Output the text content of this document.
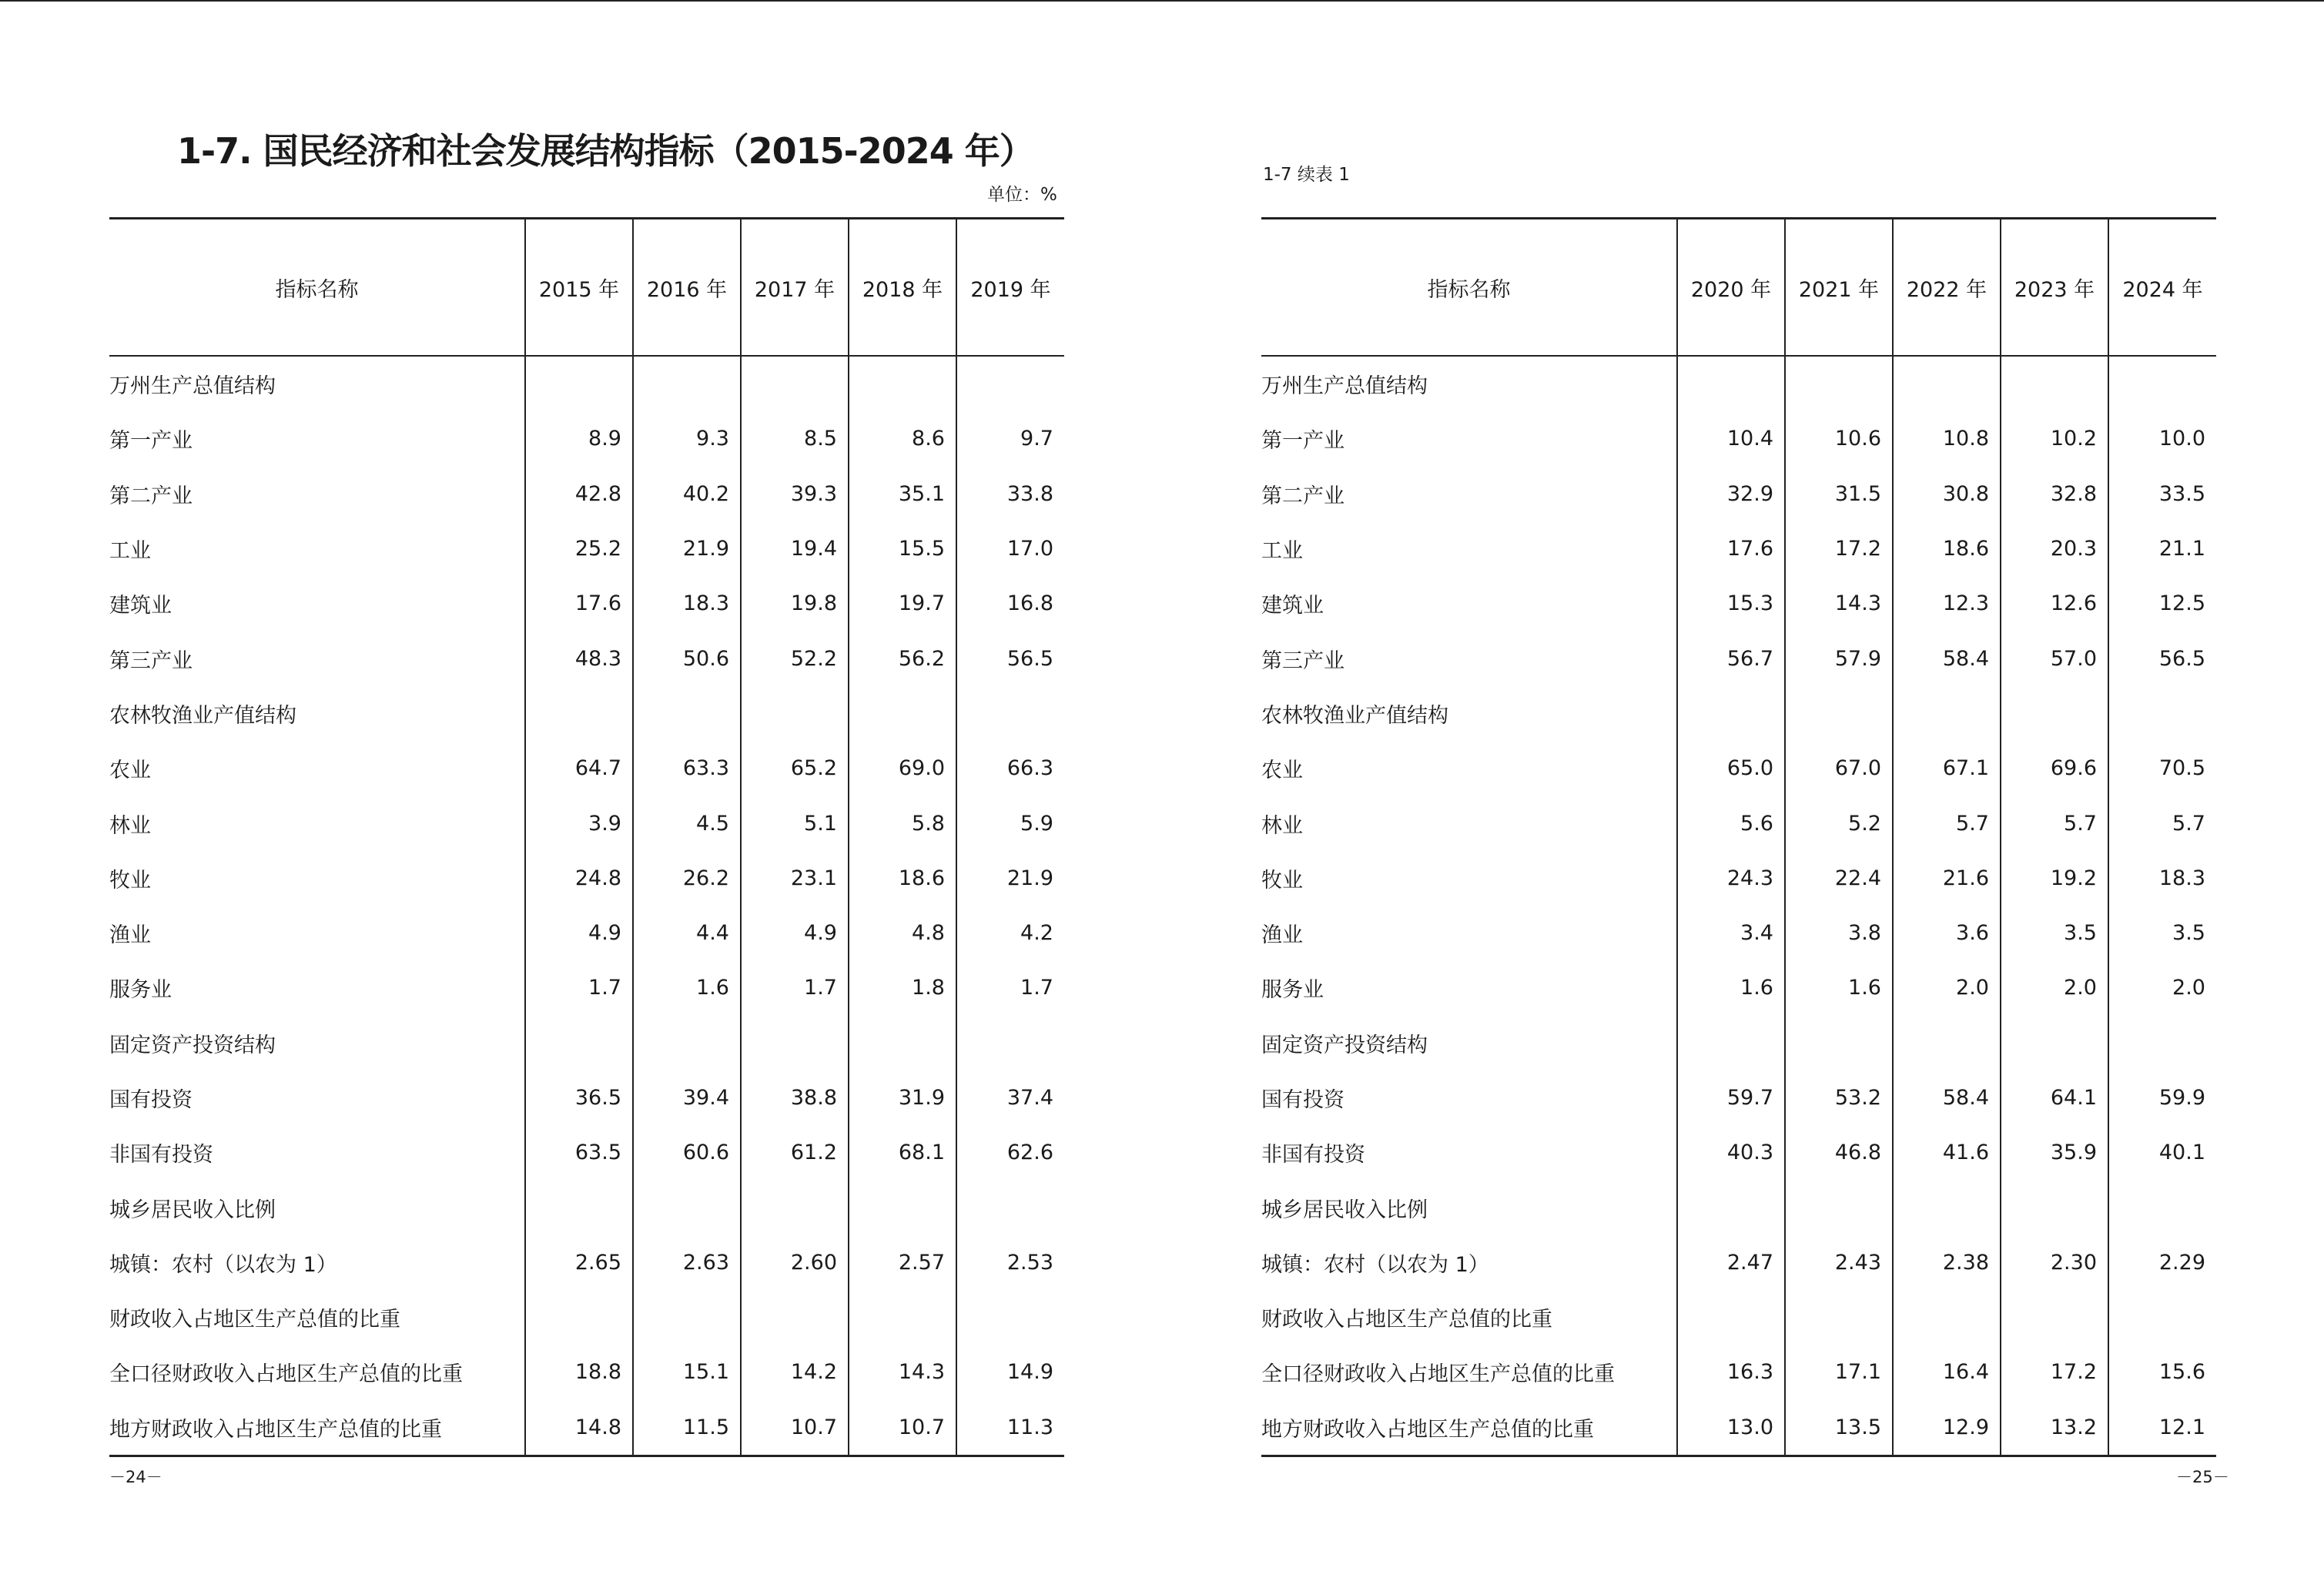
1-7. 国民经济和社会发展结构指标（2015-2024 年）
单位：%
指标名称	2015 年	2016 年	2017 年	2018 年	2019 年
万州生产总值结构					
第一产业	8.9	9.3	8.5	8.6	9.7
第二产业	42.8	40.2	39.3	35.1	33.8
工业	25.2	21.9	19.4	15.5	17.0
建筑业	17.6	18.3	19.8	19.7	16.8
第三产业	48.3	50.6	52.2	56.2	56.5
农林牧渔业产值结构					
农业	64.7	63.3	65.2	69.0	66.3
林业	3.9	4.5	5.1	5.8	5.9
牧业	24.8	26.2	23.1	18.6	21.9
渔业	4.9	4.4	4.9	4.8	4.2
服务业	1.7	1.6	1.7	1.8	1.7
固定资产投资结构					
国有投资	36.5	39.4	38.8	31.9	37.4
非国有投资	63.5	60.6	61.2	68.1	62.6
城乡居民收入比例					
城镇：农村（以农为 1）	2.65	2.63	2.60	2.57	2.53
财政收入占地区生产总值的比重					
全口径财政收入占地区生产总值的比重	18.8	15.1	14.2	14.3	14.9
地方财政收入占地区生产总值的比重	14.8	11.5	10.7	10.7	11.3
－24－
1-7 续表 1
指标名称	2020 年	2021 年	2022 年	2023 年	2024 年
万州生产总值结构					
第一产业	10.4	10.6	10.8	10.2	10.0
第二产业	32.9	31.5	30.8	32.8	33.5
工业	17.6	17.2	18.6	20.3	21.1
建筑业	15.3	14.3	12.3	12.6	12.5
第三产业	56.7	57.9	58.4	57.0	56.5
农林牧渔业产值结构					
农业	65.0	67.0	67.1	69.6	70.5
林业	5.6	5.2	5.7	5.7	5.7
牧业	24.3	22.4	21.6	19.2	18.3
渔业	3.4	3.8	3.6	3.5	3.5
服务业	1.6	1.6	2.0	2.0	2.0
固定资产投资结构					
国有投资	59.7	53.2	58.4	64.1	59.9
非国有投资	40.3	46.8	41.6	35.9	40.1
城乡居民收入比例					
城镇：农村（以农为 1）	2.47	2.43	2.38	2.30	2.29
财政收入占地区生产总值的比重					
全口径财政收入占地区生产总值的比重	16.3	17.1	16.4	17.2	15.6
地方财政收入占地区生产总值的比重	13.0	13.5	12.9	13.2	12.1
－25－
